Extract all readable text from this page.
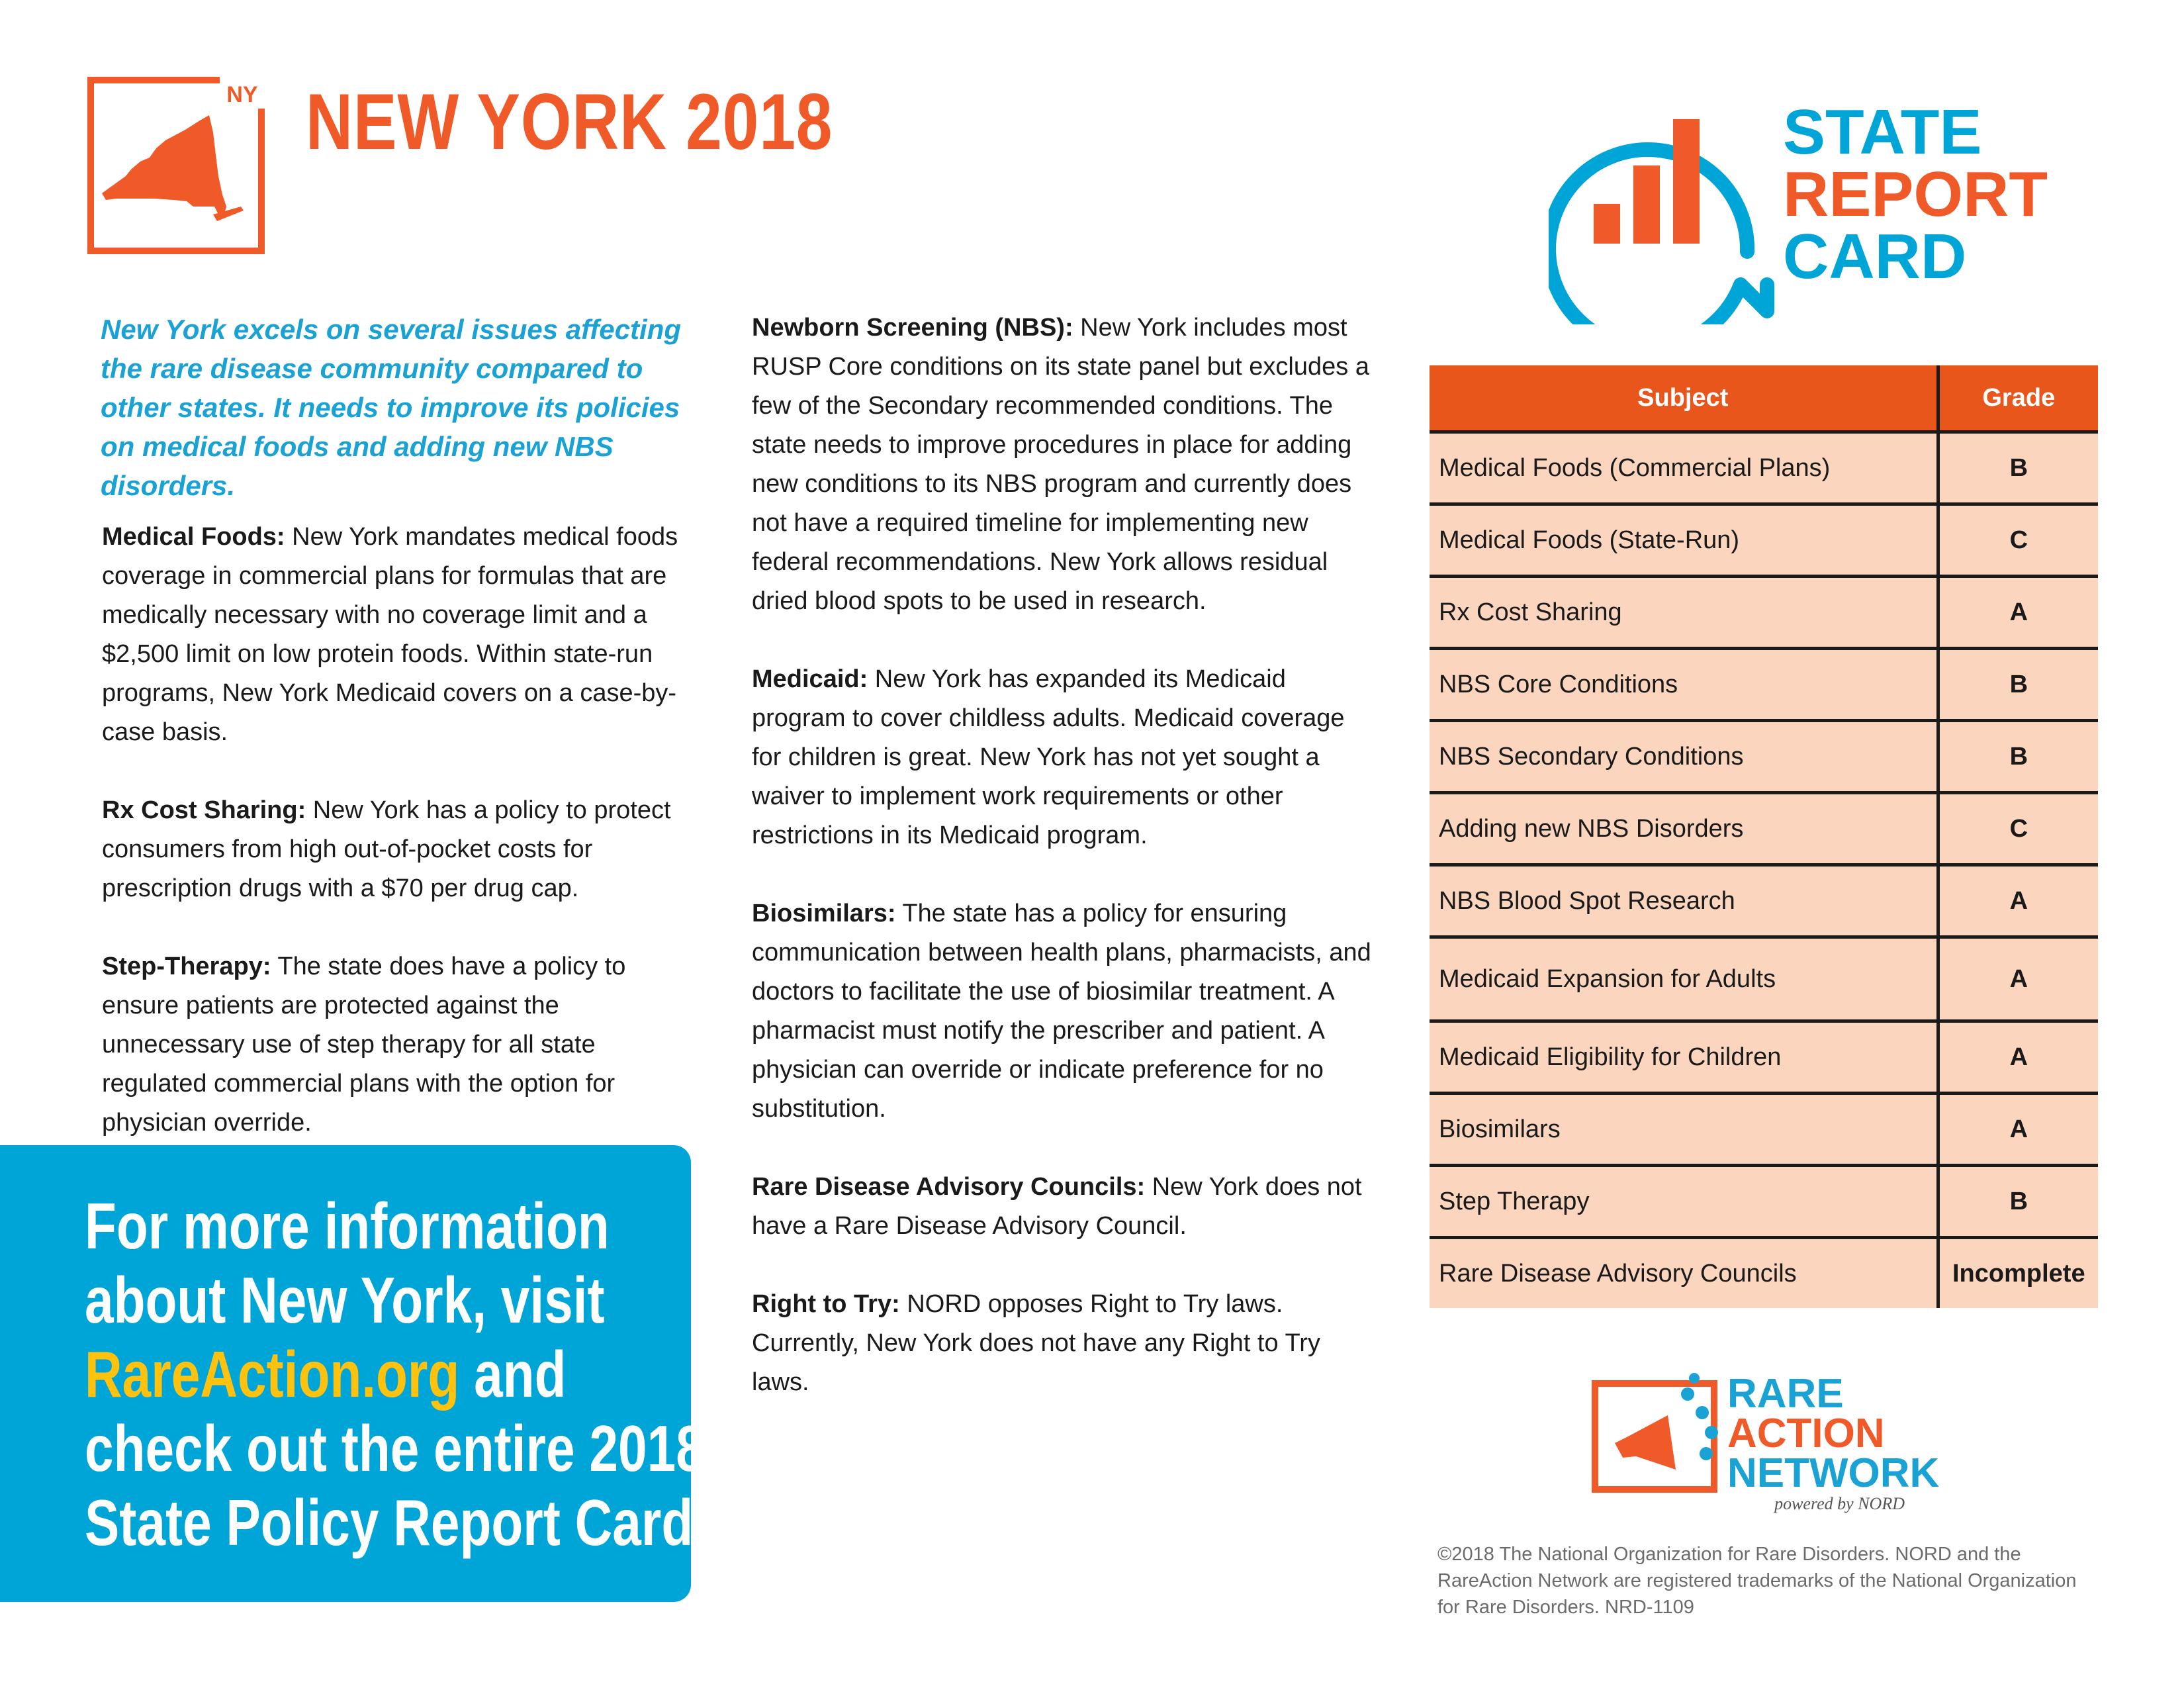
NY NEW YORK 2018	STATE
REPORT
CARD
New York excels on several issues affecting the rare disease community compared to other states. It needs to improve its policies on medical foods and adding new NBS disorders.
Medical Foods: New York mandates medical foods coverage in commercial plans for formulas that are medically necessary with no coverage limit and a $2,500 limit on low protein foods. Within state-run programs, New York Medicaid covers on a case-by-case basis.
Rx Cost Sharing: New York has a policy to protect consumers from high out-of-pocket costs for prescription drugs with a $70 per drug cap.
Step-Therapy: The state does have a policy to ensure patients are protected against the unnecessary use of step therapy for all state regulated commercial plans with the option for physician override.
Newborn Screening (NBS): New York includes most RUSP Core conditions on its state panel but excludes a few of the Secondary recommended conditions. The state needs to improve procedures in place for adding new conditions to its NBS program and currently does not have a required timeline for implementing new federal recommendations. New York allows residual dried blood spots to be used in research.
Medicaid: New York has expanded its Medicaid program to cover childless adults. Medicaid coverage for children is great. New York has not yet sought a waiver to implement work requirements or other restrictions in its Medicaid program.
Biosimilars: The state has a policy for ensuring communication between health plans, pharmacists, and doctors to facilitate the use of biosimilar treatment. A pharmacist must notify the prescriber and patient. A physician can override or indicate preference for no substitution.
Rare Disease Advisory Councils: New York does not have a Rare Disease Advisory Council.
Right to Try: NORD opposes Right to Try laws. Currently, New York does not have any Right to Try laws.
For more information about New York, visit
RareAction.org and check out the entire 2018 State Policy Report Card
Subject	Grade
Medical Foods (Commercial Plans)	B
Medical Foods (State-Run)	C
Rx Cost Sharing	A
NBS Core Conditions	B
NBS Secondary Conditions	B
Adding new NBS Disorders	C
NBS Blood Spot Research	A
Medicaid Expansion for Adults	A
Medicaid Eligibility for Children	A
Biosimilars	A
Step Therapy	B
Rare Disease Advisory Councils	Incomplete
RARE
ACTION
NETWORK
powered by NORD
©2018 The National Organization for Rare Disorders. NORD and the RareAction Network are registered trademarks of the National Organization for Rare Disorders. NRD-1109
